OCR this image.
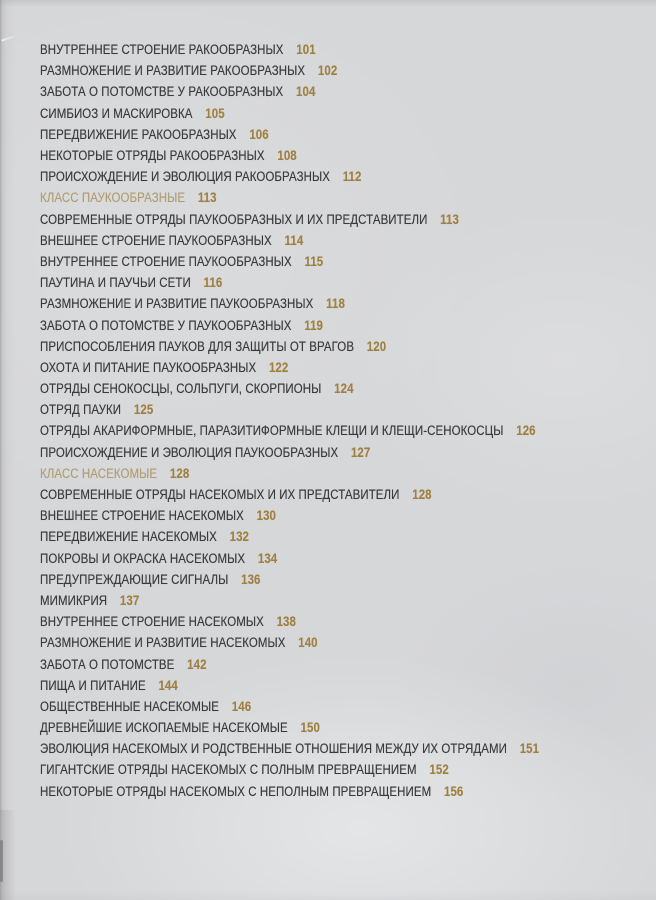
ВНУТРЕННЕЕ СТРОЕНИЕ РАКООБРАЗНЫХ 101
РАЗМНОЖЕНИЕ И РАЗВИТИЕ РАКООБРАЗНЫХ 102
ЗАБОТА О ПОТОМСТВЕ У РАКООБРАЗНЫХ 104
СИМБИОЗ И МАСКИРОВКА 105
ПЕРЕДВИЖЕНИЕ РАКООБРАЗНЫХ 106
НЕКОТОРЫЕ ОТРЯДЫ РАКООБРАЗНЫХ 108
ПРОИСХОЖДЕНИЕ И ЭВОЛЮЦИЯ РАКООБРАЗНЫХ 112
КЛАСС ПАУКООБРАЗНЫЕ 113
СОВРЕМЕННЫЕ ОТРЯДЫ ПАУКООБРАЗНЫХ И ИХ ПРЕДСТАВИТЕЛИ 113
ВНЕШНЕЕ СТРОЕНИЕ ПАУКООБРАЗНЫХ 114
ВНУТРЕННЕЕ СТРОЕНИЕ ПАУКООБРАЗНЫХ 115
ПАУТИНА И ПАУЧЬИ СЕТИ 116
РАЗМНОЖЕНИЕ И РАЗВИТИЕ ПАУКООБРАЗНЫХ 118
ЗАБОТА О ПОТОМСТВЕ У ПАУКООБРАЗНЫХ 119
ПРИСПОСОБЛЕНИЯ ПАУКОВ ДЛЯ ЗАЩИТЫ ОТ ВРАГОВ 120
ОХОТА И ПИТАНИЕ ПАУКООБРАЗНЫХ 122
ОТРЯДЫ СЕНОКОСЦЫ, СОЛЬПУГИ, СКОРПИОНЫ 124
ОТРЯД ПАУКИ 125
ОТРЯДЫ АКАРИФОРМНЫЕ, ПАРАЗИТИФОРМНЫЕ КЛЕЩИ И КЛЕЩИ-СЕНОКОСЦЫ 126
ПРОИСХОЖДЕНИЕ И ЭВОЛЮЦИЯ ПАУКООБРАЗНЫХ 127
КЛАСС НАСЕКОМЫЕ 128
СОВРЕМЕННЫЕ ОТРЯДЫ НАСЕКОМЫХ И ИХ ПРЕДСТАВИТЕЛИ 128
ВНЕШНЕЕ СТРОЕНИЕ НАСЕКОМЫХ 130
ПЕРЕДВИЖЕНИЕ НАСЕКОМЫХ 132
ПОКРОВЫ И ОКРАСКА НАСЕКОМЫХ 134
ПРЕДУПРЕЖДАЮЩИЕ СИГНАЛЫ 136
МИМИКРИЯ 137
ВНУТРЕННЕЕ СТРОЕНИЕ НАСЕКОМЫХ 138
РАЗМНОЖЕНИЕ И РАЗВИТИЕ НАСЕКОМЫХ 140
ЗАБОТА О ПОТОМСТВЕ 142
ПИЩА И ПИТАНИЕ 144
ОБЩЕСТВЕННЫЕ НАСЕКОМЫЕ 146
ДРЕВНЕЙШИЕ ИСКОПАЕМЫЕ НАСЕКОМЫЕ 150
ЭВОЛЮЦИЯ НАСЕКОМЫХ И РОДСТВЕННЫЕ ОТНОШЕНИЯ МЕЖДУ ИХ ОТРЯДАМИ 151
ГИГАНТСКИЕ ОТРЯДЫ НАСЕКОМЫХ С ПОЛНЫМ ПРЕВРАЩЕНИЕМ 152
НЕКОТОРЫЕ ОТРЯДЫ НАСЕКОМЫХ С НЕПОЛНЫМ ПРЕВРАЩЕНИЕМ 156
